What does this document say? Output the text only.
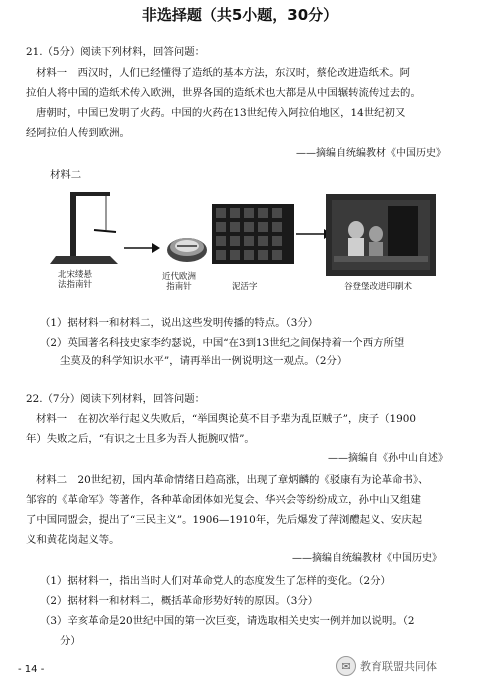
非选择题（共5小题，30分）
21.（5分）阅读下列材料，回答问题：
材料一　西汉时，人们已经懂得了造纸的基本方法，东汉时，蔡伦改进造纸术。阿
拉伯人将中国的造纸术传入欧洲，世界各国的造纸术也大都是从中国辗转流传过去的。
唐朝时，中国已发明了火药。中国的火药在13世纪传入阿拉伯地区，14世纪初又
经阿拉伯人传到欧洲。
——摘编自统编教材《中国历史》
材料二
北宋缕悬
法指南针
近代欧洲
指南针	泥活字	谷登堡改进印刷术
（1）据材料一和材料二，说出这些发明传播的特点。（3分）
（2）英国著名科技史家李约瑟说，中国“在3到13世纪之间保持着一个西方所望
尘莫及的科学知识水平”，请再举出一例说明这一观点。（2分）
22.（7分）阅读下列材料，回答问题：
材料一　在初次举行起义失败后，“举国舆论莫不目予辈为乱臣贼子”，庚子（1900
年）失败之后，“有识之士且多为吾人扼腕叹惜”。
——摘编自《孙中山自述》
材料二　20世纪初，国内革命情绪日趋高涨，出现了章炳麟的《驳康有为论革命书》、
邹容的《革命军》等著作，各种革命团体如光复会、华兴会等纷纷成立，孙中山又组建
了中国同盟会，提出了“三民主义”。1906—1910年，先后爆发了萍浏醴起义、安庆起
义和黄花岗起义等。
——摘编自统编教材《中国历史》
（1）据材料一，指出当时人们对革命党人的态度发生了怎样的变化。（2分）
（2）据材料一和材料二，概括革命形势好转的原因。（3分）
（3）辛亥革命是20世纪中国的第一次巨变，请选取相关史实一例并加以说明。（2
分）
- 14 -	✉ 教育联盟共同体
